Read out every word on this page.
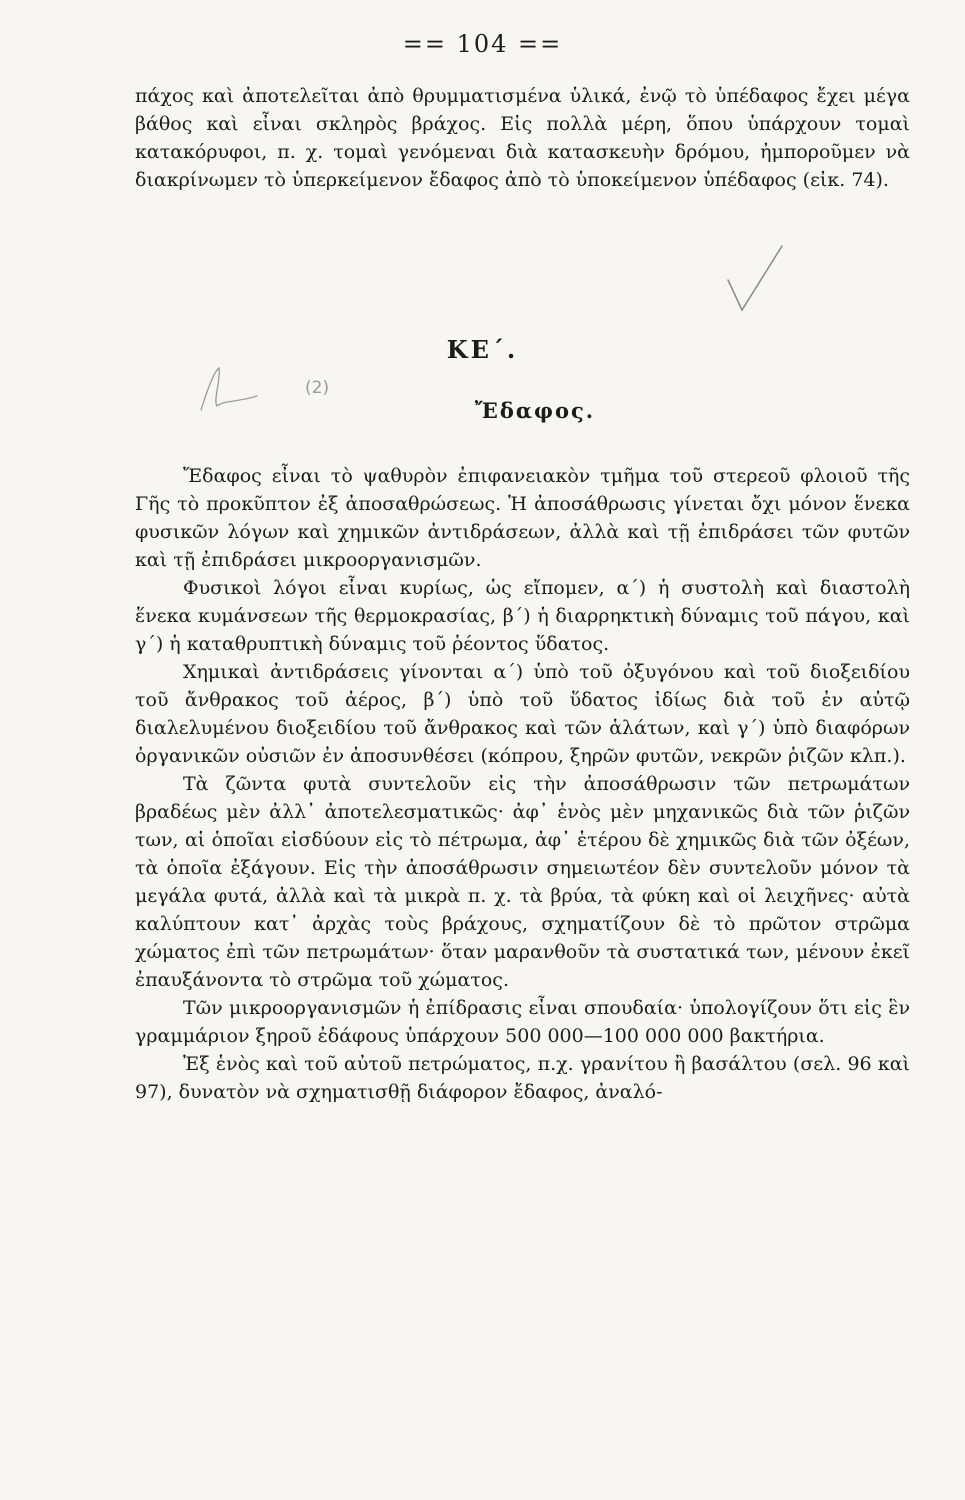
== 104 ==

πάχος καὶ ἀποτελεῖται ἀπὸ θρυμματισμένα ὑλικά, ἐνῷ τὸ ὑπέδαφος ἔχει μέγα βάθος καὶ εἶναι σκληρὸς βράχος. Εἰς πολλὰ μέρη, ὅπου ὑπάρχουν τομαὶ κατακόρυφοι, π. χ. τομαὶ γενόμεναι διὰ κατασκευὴν δρόμου, ἠμποροῦμεν νὰ διακρίνωμεν τὸ ὑπερκείμενον ἔδαφος ἀπὸ τὸ ὑποκείμενον ὑπέδαφος (εἰκ. 74).

ΚΕ΄.
Ἔδαφος.

Ἔδαφος εἶναι τὸ ψαθυρὸν ἐπιφανειακὸν τμῆμα τοῦ στερεοῦ φλοιοῦ τῆς Γῆς τὸ προκῦπτον ἐξ ἀποσαθρώσεως. Ἡ ἀποσάθρωσις γίνεται ὄχι μόνον ἕνεκα φυσικῶν λόγων καὶ χημικῶν ἀντιδράσεων, ἀλλὰ καὶ τῇ ἐπιδράσει τῶν φυτῶν καὶ τῇ ἐπιδράσει μικροοργανισμῶν.

Φυσικοὶ λόγοι εἶναι κυρίως, ὡς εἴπομεν, α΄) ἡ συστολὴ καὶ διαστολὴ ἕνεκα κυμάνσεων τῆς θερμοκρασίας, β΄) ἡ διαρρηκτικὴ δύναμις τοῦ πάγου, καὶ γ΄) ἡ καταθρυπτικὴ δύναμις τοῦ ῥέοντος ὕδατος.

Χημικαὶ ἀντιδράσεις γίνονται α΄) ὑπὸ τοῦ ὀξυγόνου καὶ τοῦ διοξειδίου τοῦ ἄνθρακος τοῦ ἀέρος, β΄) ὑπὸ τοῦ ὕδατος ἰδίως διὰ τοῦ ἐν αὐτῷ διαλελυμένου διοξειδίου τοῦ ἄνθρακος καὶ τῶν ἁλάτων, καὶ γ΄) ὑπὸ διαφόρων ὀργανικῶν οὐσιῶν ἐν ἀποσυνθέσει (κόπρου, ξηρῶν φυτῶν, νεκρῶν ῥιζῶν κλπ.).

Τὰ ζῶντα φυτὰ συντελοῦν εἰς τὴν ἀποσάθρωσιν τῶν πετρωμάτων βραδέως μὲν ἀλλ᾽ ἀποτελεσματικῶς· ἀφ᾽ ἑνὸς μὲν μηχανικῶς διὰ τῶν ῥιζῶν των, αἱ ὁποῖαι εἰσδύουν εἰς τὸ πέτρωμα, ἀφ᾽ ἑτέρου δὲ χημικῶς διὰ τῶν ὀξέων, τὰ ὁποῖα ἐξάγουν. Εἰς τὴν ἀποσάθρωσιν σημειωτέον δὲν συντελοῦν μόνον τὰ μεγάλα φυτά, ἀλλὰ καὶ τὰ μικρὰ π. χ. τὰ βρύα, τὰ φύκη καὶ οἱ λειχῆνες· αὐτὰ καλύπτουν κατ᾽ ἀρχὰς τοὺς βράχους, σχηματίζουν δὲ τὸ πρῶτον στρῶμα χώματος ἐπὶ τῶν πετρωμάτων· ὅταν μαρανθοῦν τὰ συστατικά των, μένουν ἐκεῖ ἐπαυξάνοντα τὸ στρῶμα τοῦ χώματος.

Τῶν μικροοργανισμῶν ἡ ἐπίδρασις εἶναι σπουδαία· ὑπολογίζουν ὅτι εἰς ἓν γραμμάριον ξηροῦ ἐδάφους ὑπάρχουν 500 000—100 000 000 βακτήρια.

Ἐξ ἑνὸς καὶ τοῦ αὐτοῦ πετρώματος, π.χ. γρανίτου ἢ βασάλτου (σελ. 96 καὶ 97), δυνατὸν νὰ σχηματισθῇ διάφορον ἔδαφος, ἀναλό-

(2)
